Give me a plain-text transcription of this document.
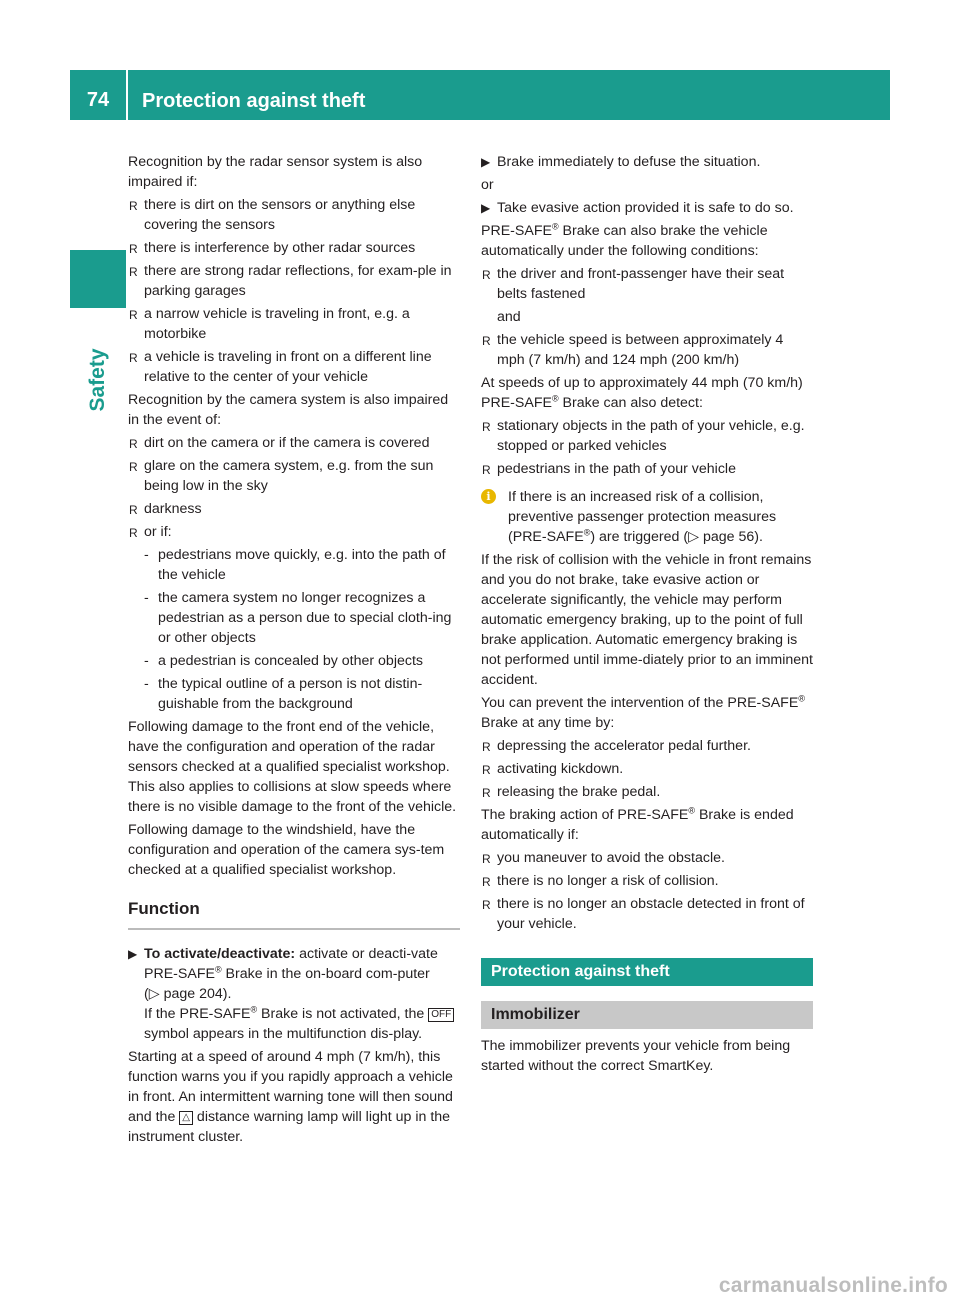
74	Protection against theft
Safety

Recognition by the radar sensor system is also impaired if:

R there is dirt on the sensors or anything else covering the sensors
R there is interference by other radar sources
R there are strong radar reflections, for exam-ple in parking garages
R a narrow vehicle is traveling in front, e.g. a motorbike
R a vehicle is traveling in front on a different line relative to the center of your vehicle

Recognition by the camera system is also impaired in the event of:

R dirt on the camera or if the camera is covered
R glare on the camera system, e.g. from the sun being low in the sky
R darkness
R or if:
- pedestrians move quickly, e.g. into the path of the vehicle
- the camera system no longer recognizes a pedestrian as a person due to special cloth-ing or other objects
- a pedestrian is concealed by other objects
- the typical outline of a person is not distin-guishable from the background

Following damage to the front end of the vehicle, have the configuration and operation of the radar sensors checked at a qualified specialist workshop. This also applies to collisions at slow speeds where there is no visible damage to the front of the vehicle.

Following damage to the windshield, have the configuration and operation of the camera sys-tem checked at a qualified specialist workshop.

Function
▶ To activate/deactivate: activate or deacti-vate PRE-SAFE® Brake in the on-board com-puter (▷ page 204).
If the PRE-SAFE® Brake is not activated, the OFF symbol appears in the multifunction dis-play.

Starting at a speed of around 4 mph (7 km/h), this function warns you if you rapidly approach a vehicle in front. An intermittent warning tone will then sound and the △ distance warning lamp will light up in the instrument cluster.

▶ Brake immediately to defuse the situation.

or

▶ Take evasive action provided it is safe to do so.

PRE-SAFE® Brake can also brake the vehicle automatically under the following conditions:

R the driver and front-passenger have their seat belts fastened

and

R the vehicle speed is between approximately 4 mph (7 km/h) and 124 mph (200 km/h)

At speeds of up to approximately 44 mph (70 km/h) PRE-SAFE® Brake can also detect:

R stationary objects in the path of your vehicle, e.g. stopped or parked vehicles
R pedestrians in the path of your vehicle
i	If there is an increased risk of a collision, preventive passenger protection measures (PRE-SAFE®) are triggered (▷ page 56).

If the risk of collision with the vehicle in front remains and you do not brake, take evasive action or accelerate significantly, the vehicle may perform automatic emergency braking, up to the point of full brake application. Automatic emergency braking is not performed until imme-diately prior to an imminent accident.

You can prevent the intervention of the PRE-SAFE® Brake at any time by:

R depressing the accelerator pedal further.
R activating kickdown.
R releasing the brake pedal.

The braking action of PRE-SAFE® Brake is ended automatically if:

R you maneuver to avoid the obstacle.
R there is no longer a risk of collision.
R there is no longer an obstacle detected in front of your vehicle.
Protection against theft
Immobilizer

The immobilizer prevents your vehicle from being started without the correct SmartKey.

carmanualsonline.info
